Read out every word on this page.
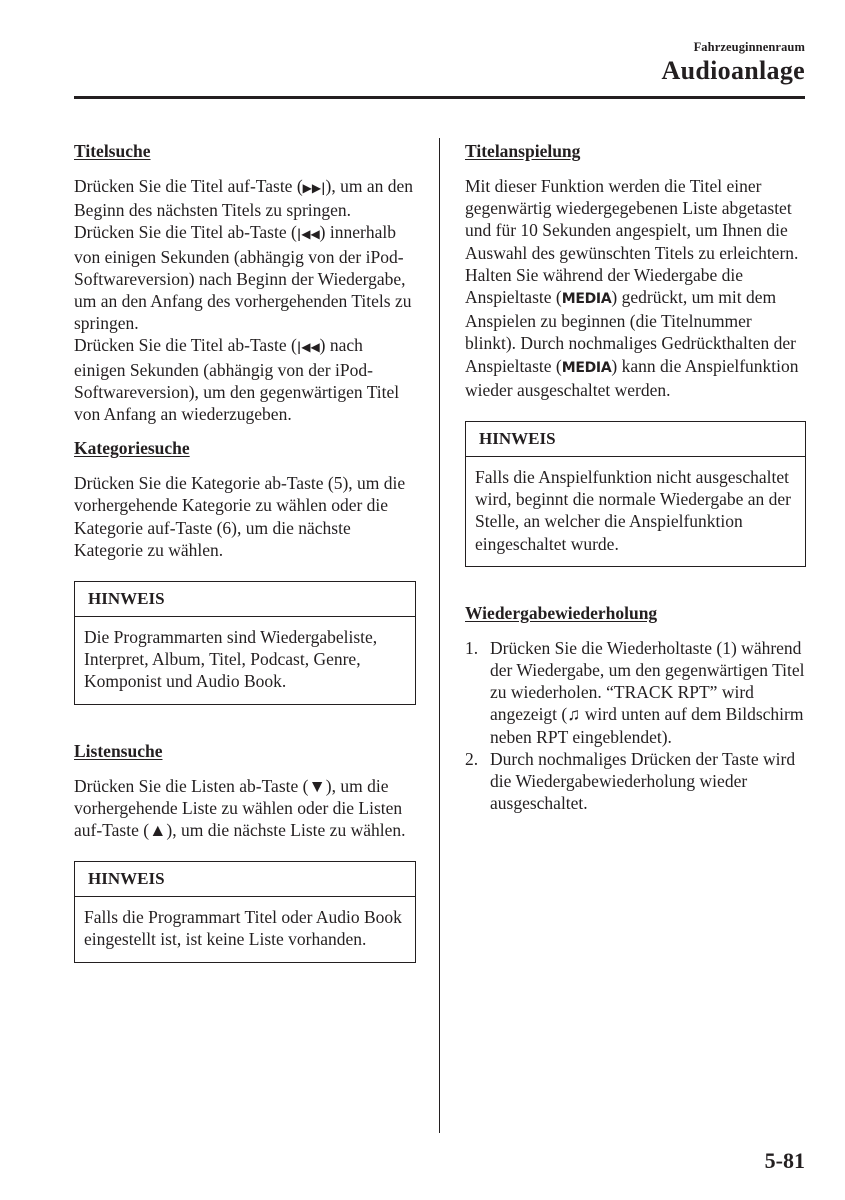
Fahrzeuginnenraum
Audioanlage
Titelsuche

Drücken Sie die Titel auf-Taste (▶▶|), um an den Beginn des nächsten Titels zu springen.

Drücken Sie die Titel ab-Taste (|◀◀) innerhalb von einigen Sekunden (abhängig von der iPod-Softwareversion) nach Beginn der Wiedergabe, um an den Anfang des vorhergehenden Titels zu springen.

Drücken Sie die Titel ab-Taste (|◀◀) nach einigen Sekunden (abhängig von der iPod-Softwareversion), um den gegenwärtigen Titel von Anfang an wiederzugeben.

Kategoriesuche

Drücken Sie die Kategorie ab-Taste (5), um die vorhergehende Kategorie zu wählen oder die Kategorie auf-Taste (6), um die nächste Kategorie zu wählen.

HINWEIS
Die Programmarten sind Wiedergabeliste, Interpret, Album, Titel, Podcast, Genre, Komponist und Audio Book.
Listensuche

Drücken Sie die Listen ab-Taste (▼), um die vorhergehende Liste zu wählen oder die Listen auf-Taste (▲), um die nächste Liste zu wählen.

HINWEIS
Falls die Programmart Titel oder Audio Book eingestellt ist, ist keine Liste vorhanden.
Titelanspielung

Mit dieser Funktion werden die Titel einer gegenwärtig wiedergegebenen Liste abgetastet und für 10 Sekunden angespielt, um Ihnen die Auswahl des gewünschten Titels zu erleichtern.

Halten Sie während der Wiedergabe die Anspieltaste (MEDIA) gedrückt, um mit dem Anspielen zu beginnen (die Titelnummer blinkt). Durch nochmaliges Gedrückthalten der Anspieltaste (MEDIA) kann die Anspielfunktion wieder ausgeschaltet werden.

HINWEIS
Falls die Anspielfunktion nicht ausgeschaltet wird, beginnt die normale Wiedergabe an der Stelle, an welcher die Anspielfunktion eingeschaltet wurde.
Wiedergabewiederholung
1. Drücken Sie die Wiederholtaste (1) während der Wiedergabe, um den gegenwärtigen Titel zu wiederholen. “TRACK RPT” wird angezeigt (♫ wird unten auf dem Bildschirm neben RPT eingeblendet).
2. Durch nochmaliges Drücken der Taste wird die Wiedergabewiederholung wieder ausgeschaltet.
5-81
